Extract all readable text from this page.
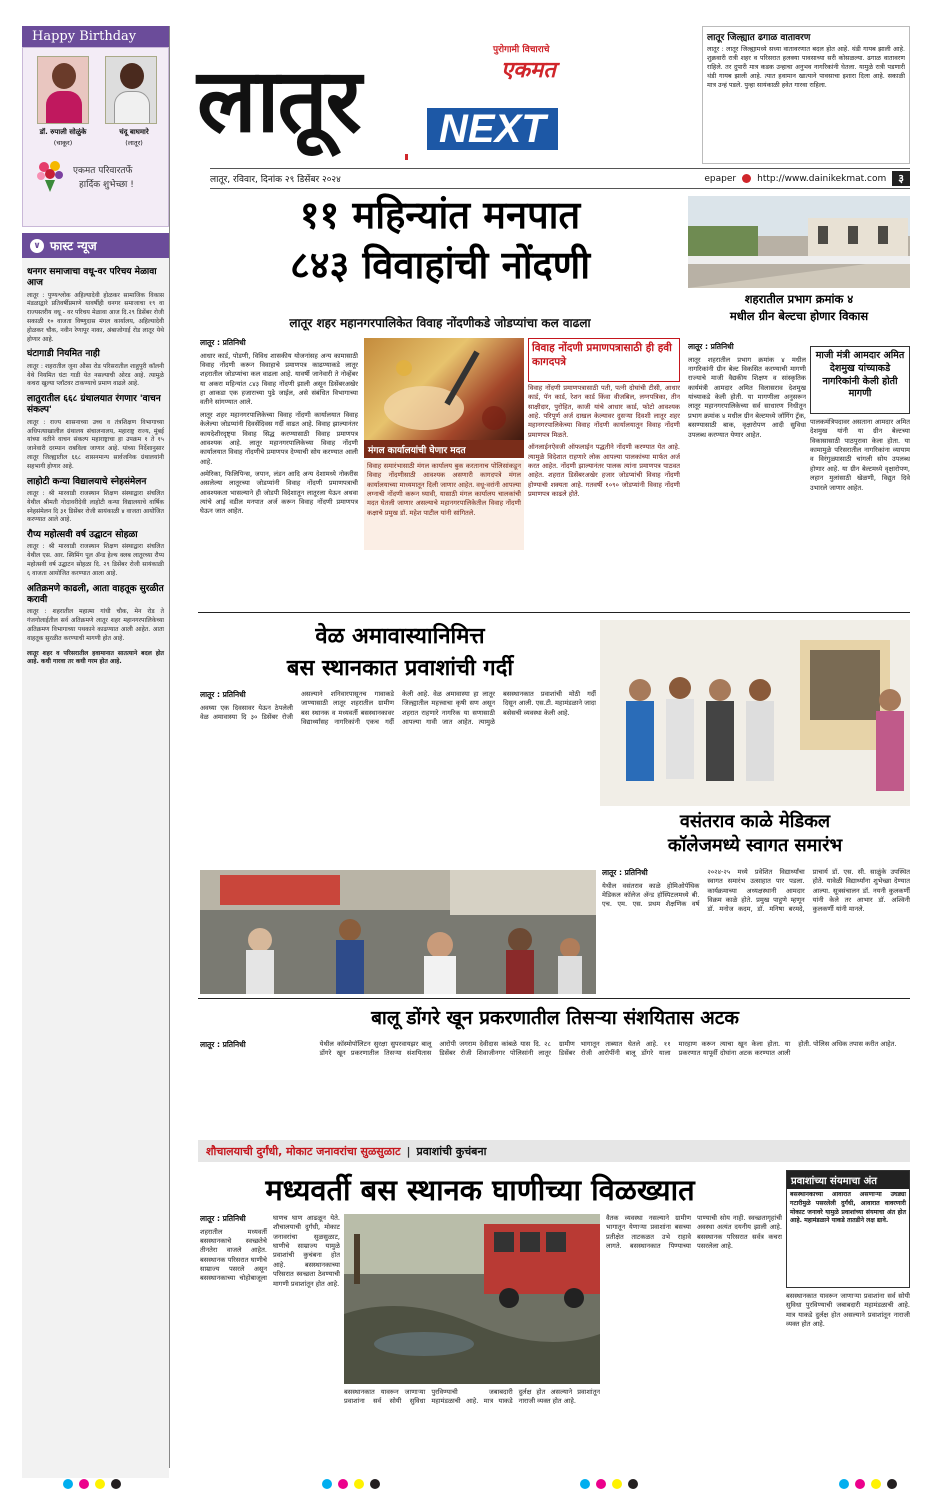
Happy Birthday
डॉ. रुपाली सोळुंके
(चाकूर)
चंदू बाघमारे
(लातूर)
एकमत परिवारतर्फे
हार्दिक शुभेच्छा !
∨ फास्ट न्यूज
धनगर समाजाचा वधू-वर परिचय मेळावा आज
लातूर : पुण्यश्लोक अहिल्यादेवी होळकर सामाजिक विकास मंडळाद्वारे प्रतिवर्षीप्रमाणे यावर्षीही धनगर समाजाचा १९ वा राज्यस्तरीय वधू - वर परिचय मेळावा आज दि.२९ डिसेंबर रोजी सकाळी १० वाजता विष्णुदास मंगल कार्यालय, अहिल्यादेवी होळकर चौक, नवीन रेणापूर नाका, अंबाजोगाई रोड लातूर येथे होणार आहे.
घंटागाडी नियमित नाही
लातूर : शहरातील जुना औसा रोड परिसरातील शाहुपुरी कॉलनी येथे नियमित घंटा गाडी येत नसल्याची ओरड आहे. त्यामुळे कचरा खुल्या प्लॉटवर टाकण्याचे प्रमाण वाढले आहे.
लातुरातील ६६८ ग्रंथालयात रंगणार 'वाचन संकल्प'
लातूर : राज्य शासनाच्या उच्च व तंत्रशिक्षण विभागाच्या अधिपत्याखालील ग्रंथालय संचालनालय, महाराष्ट्र राज्य, मुंबई यांच्या वतीने वाचन संकल्प महाराष्ट्राचा हा उपक्रम १ ते १५ जानेवारी दरम्यान राबविला जाणार आहे. यांच्या निर्देशानुसार लातूर जिल्ह्यातील ६६८ शासनमान्य सार्वजनिक ग्रंथालयांनी सहभागी होणार आहे.
लाहोटी कन्या विद्यालयाचे स्नेहसंमेलन
लातूर : श्री मारवाडी राजस्थान शिक्षण संस्थाद्वारा संचलित येथील श्रीमती गोदावरीदेवी लाहोटी कन्या विद्यालयाचे वार्षिक स्नेहसंमेलन दि ३१ डिसेंबर रोजी सायंकाळी ४ वाजता आयोजित करण्यात आले आहे.
रौप्य महोत्सवी वर्ष उद्घाटन सोहळा
लातूर : श्री मारवाडी राजस्थान शिक्षण संस्थाद्वारा संचलित येथील एस. आर. स्विमिंग पूल ॲन्ड हेल्थ क्लब लातूरच्या रौप्य महोत्सवी वर्ष उद्घाटन सोहळा दि. २९ डिसेंबर रोजी सायंकाळी ६ वाजता आयोजित करण्यात आला आहे.
अतिक्रमणे काढली, आता वाहतूक सुरळीत करावी
लातूर : शहरातील महात्मा गांधी चौक, मेन रोड ते गंजगोलाईतील सर्व अतिक्रमणे लातूर शहर महानगरपालिकेच्या अतिक्रमण विभागाच्या पथकाने काढण्यात आली आहेत. आता वाहतूक सुरळीत करण्याची मागणी होत आहे.
लातूर शहर व परिसरातील हवामानात सातत्याने बदल होत आहे. कधी गारवा तर कधी गरम होत आहे.
लातूर	पुरोगामी विचाराचे
एकमत
NEXT
लातूर, रविवार, दिनांक २९ डिसेंबर २०२४	epaper http://www.dainikekmat.com	३
लातूर जिल्ह्यात ढगाळ वातावरण
लातूर : लातूर जिल्ह्यामध्ये सध्या वातावरणात बदल होत आहे. थंडी गायब झाली आहे. शुक्रवारी रात्री शहर व परिसरात हलक्या पावसाच्या सरी कोसळल्या. ढगाळ वातावरण राहिले. तर दुपारी मात्र कडक उन्हाचा अनुभव नागरिकांनी घेतला. यामुळे रात्री पडणारी थंडी गायब झाली आहे. त्यात हवामान खात्याने पावसाचा इशारा दिला आहे. सकाळी मात्र उन्हं पडले. पुन्हा सायंकाळी हवेत गारवा राहिला.
११ महिन्यांत मनपात
८४३ विवाहांची नोंदणी
लातूर शहर महानगरपालिकेत विवाह नोंदणीकडे जोडप्यांचा कल वाढला
लातूर : प्रतिनिधी

आधार कार्ड, पोडणी, विविध शासकीय योजनांसह अन्य कामासाठी विवाह नोंदणी करून विवाहाचे प्रमाणपत्र काढण्याकडे लातूर शहरातील जोडप्यांचा कल वाढला आहे. यावर्षी जानेवारी ते नोव्हेंबर या अकरा महिन्यांत ८४३ विवाह नोंदणी झाली असून डिसेंबरअखेर हा आकडा एक हजाराच्या पुढे जाईल, असे संबंधित विभागाच्या वतीने सांगण्यात आले.

लातूर शहर महानगरपालिकेच्या विवाह नोंदणी कार्यालयात विवाह केलेल्या जोडप्यांनी दिवसेंदिवस गर्दी वाढत आहे. विवाह झाल्यानंतर कायदेशीरदृष्ट्या विवाह सिद्ध करण्यासाठी विवाह प्रमाणपत्र आवश्यक आहे. लातूर महानगरपालिकेच्या विवाह नोंदणी कार्यालयात विवाह नोंदणीचे प्रमाणपत्र देण्याची सोय करण्यात आली आहे.

अमेरिका, फिलिपिन्स, जपान, लंडन आदि अन्य देशामध्ये नोकरीस असलेल्या लातूरच्या जोडप्यांनी विवाह नोंदणी प्रमाणपत्राची आवश्यकता भासल्याने ही जोडपी विदेशातून लातूरला येऊन अथवा त्यांचे आई वडील मनपात अर्ज करून विवाह नोंदणी प्रमाणपत्र घेऊन जात आहेत.

मंगल कार्यालयांची घेणार मदत
विवाह समारंभासाठी मंगल कार्यालय बुक करतानाच पोलिसांकडून विवाह नोंदणीसाठी आवश्यक असणारी कागदपत्रे मंगल कार्यालयाच्या माध्यमातून दिली जाणार आहेत. वधू-वरांनी आपल्या लग्नाची नोंदणी करून घ्यावी, यासाठी मंगल कार्यालय चालकांची मदत घेतली जाणार असल्याचे महानगरपालिकेतील विवाह नोंदणी कक्षाचे प्रमुख डॉ. महेश पाटील यांनी सांगितले.
विवाह नोंदणी प्रमाणपत्रासाठी ही हवी कागदपत्रे

विवाह नोंदणी प्रमाणपत्रासाठी पती, पत्नी दोघांची टीसी, आधार कार्ड, पॅन कार्ड, रेशन कार्ड किंवा वीजबिल, लग्नपत्रिका, तीन साक्षीदार, पुरोहित, काजी यांचे आधार कार्ड, फोटो आवश्यक आहे. परिपूर्ण अर्ज दाखल केल्यावर दुसऱ्या दिवशी लातूर शहर महानगरपालिकेच्या विवाह नोंदणी कार्यालयातून विवाह नोंदणी प्रमाणपत्र मिळते.

ऑनलाईनऐवजी ऑफलाईन पद्धतीने नोंदणी करण्यात येत आहे. त्यामुळे विदेशात राहणारे लोक आपल्या पालकांच्या मार्फत अर्ज करत आहेत. नोंदणी झाल्यानंतर पालक त्यांना प्रमाणपत्र पाठवत आहेत. शहरात डिसेंबरअखेर हजार जोडप्यांची विवाह नोंदणी होण्याची शक्यता आहे. गतवर्षी १०९० जोडप्यांनी विवाह नोंदणी प्रमाणपत्र काढले होते.

शहरातील प्रभाग क्रमांक ४
मधील ग्रीन बेल्टचा होणार विकास
लातूर : प्रतिनिधी

लातूर शहरातील प्रभाग क्रमांक ४ मधील नागरिकांनी ग्रीन बेल्ट विकसित करण्याची मागणी राज्याचे माजी वैद्यकीय शिक्षण व सांस्कृतिक कार्यमंत्री आमदार अमित विलासराव देशमुख यांच्याकडे केली होती. या मागणीला अनुसरून लातूर महानगरपालिकेच्या सर्व साधारण निधीतून प्रभाग क्रमांक ४ मधील ग्रीन बेल्टमध्ये जॉगिंग ट्रॅक, बसण्यासाठी बाक, वृक्षारोपण आदी सुविधा उपलब्ध करण्यात येणार आहेत.

माजी मंत्री आमदार अमित देशमुख यांच्याकडे नागरिकांनी केली होती मागणी
पालकमंत्रिपदावर असताना आमदार अमित देशमुख यांनी या ग्रीन बेल्टच्या विकासासाठी पाठपुरावा केला होता. या कामामुळे परिसरातील नागरिकांना व्यायाम व विरंगुळ्यासाठी चांगली सोय उपलब्ध होणार आहे. या ग्रीन बेल्टमध्ये वृक्षारोपण, लहान मुलांसाठी खेळणी, विद्युत दिवे उभारले जाणार आहेत.
वेळ अमावास्यानिमित्त
बस स्थानकात प्रवाशांची गर्दी
लातूर : प्रतिनिधी

अवघ्या एक दिवसावर येऊन ठेपलेली वेळ अमावास्या दि ३० डिसेंबर रोजी असल्याने शनिवारपासूनच गावाकडे जाण्यासाठी लातूर शहरातील ग्रामीण बस स्थानक व मध्यवर्ती बसस्थानकावर विद्यार्थ्यांसह नागरिकांनी एकच गर्दी केली आहे. वेळ अमावास्या हा लातूर जिल्ह्यातील महत्त्वाचा कृषी सण असून शहरात राहणारे नागरिक या सणासाठी आपल्या गावी जात आहेत. त्यामुळे बसस्थानकात प्रवाशांची मोठी गर्दी दिसून आली. एस.टी. महामंडळाने जादा बसेसची व्यवस्था केली आहे.

वसंतराव काळे मेडिकल
कॉलेजमध्ये स्वागत समारंभ
लातूर : प्रतिनिधी

येथील वसंतराव काळे होमिओपॅथिक मेडिकल कॉलेज ॲन्ड हॉस्पिटलमध्ये बी. एच. एम. एस. प्रथम शैक्षणिक वर्ष २०२४-२५ मध्ये प्रवेशित विद्यार्थ्यांचा स्वागत समारंभ उत्साहात पार पडला. कार्यक्रमाच्या अध्यक्षस्थानी आमदार विक्रम काळे होते. प्रमुख पाहुणे म्हणून डॉ. मनोज कदम, डॉ. मनिषा बरमदे, प्राचार्य डॉ. एस. सी. साळुंके उपस्थित होते. यावेळी विद्यार्थ्यांना शुभेच्छा देण्यात आल्या. सूत्रसंचालन डॉ. नयनी कुलकर्णी यांनी केले तर आभार डॉ. अश्विनी कुलकर्णी यांनी मानले.

बालू डोंगरे खून प्रकरणातील तिसऱ्या संशयितास अटक
लातूर : प्रतिनिधी	येथील कॉस्मोपॉलिटन सुरक्षा सुपरवायझर बालू डोंगरे खून प्रकरणातील तिसऱ्या संशयितास आरोपी जगराम देवीदास कांबळे यास दि. २८ डिसेंबर रोजी शिवाजीनगर पोलिसांनी लातूर ग्रामीण भागातून ताब्यात घेतले आहे. ११ डिसेंबर रोजी आरोपींनी बालू डोंगरे याला मारहाण करून त्याचा खून केला होता. या प्रकरणात यापूर्वी दोघांना अटक करण्यात आली होती. पोलिस अधिक तपास करीत आहेत.

शौचालयाची दुर्गंधी, मोकाट जनावरांचा सुळसुळाट | प्रवाशांची कुचंबना
मध्यवर्ती बस स्थानक घाणीच्या विळख्यात
लातूर : प्रतिनिधी

शहरातील मध्यवर्ती बसस्थानकाचे स्वच्छतेचे तीनतेरा वाजले आहेत. बसस्थानक परिसरात घाणीचे साम्राज्य पसरले असून बसस्थानकाच्या चोहोबाजूला घाणच घाण आढळून येते. शौचालयाची दुर्गंधी, मोकाट जनावरांचा सुळसुळाट, घाणीचे साम्राज्य यामुळे प्रवाशांची कुचंबना होत आहे. बसस्थानकाच्या परिसरात स्वच्छता ठेवण्याची मागणी प्रवाशांतून होत आहे.

बसस्थानकात यावरून जाणाऱ्या प्रवाशांना सर्व सोयी सुविधा पुरविण्याची जबाबदारी महामंडळाची आहे. मात्र याकडे दुर्लक्ष होत असल्याने प्रवाशांतून नाराजी व्यक्त होत आहे.
वैतक व्यवस्था नसल्याने ग्रामीण भागातून येणाऱ्या प्रवाशांना बसच्या प्रतीक्षेत ताटकळत उभे राहावे लागते. बसस्थानकात पिण्याच्या पाण्याची सोय नाही. स्वच्छतागृहांची अवस्था अत्यंत दयनीय झाली आहे. बसस्थानक परिसरात सर्वत्र कचरा पसरलेला आहे.
प्रवाशांच्या संयमाचा अंत
बसस्थानकाच्या आवारात असणाऱ्या उघड्या गटारीमुळे पसरलेली दुर्गंधी, आवारात वावरणारी मोकाट जनावरे यामुळे प्रवाशांच्या संयमाचा अंत होत आहे. महामंडळाने याकडे तातडीने लक्ष द्यावे.
बसस्थानकात यावरून जाणाऱ्या प्रवाशांना सर्व सोयी सुविधा पुरविण्याची जबाबदारी महामंडळाची आहे. मात्र याकडे दुर्लक्ष होत असल्याने प्रवाशांतून नाराजी व्यक्त होत आहे.
